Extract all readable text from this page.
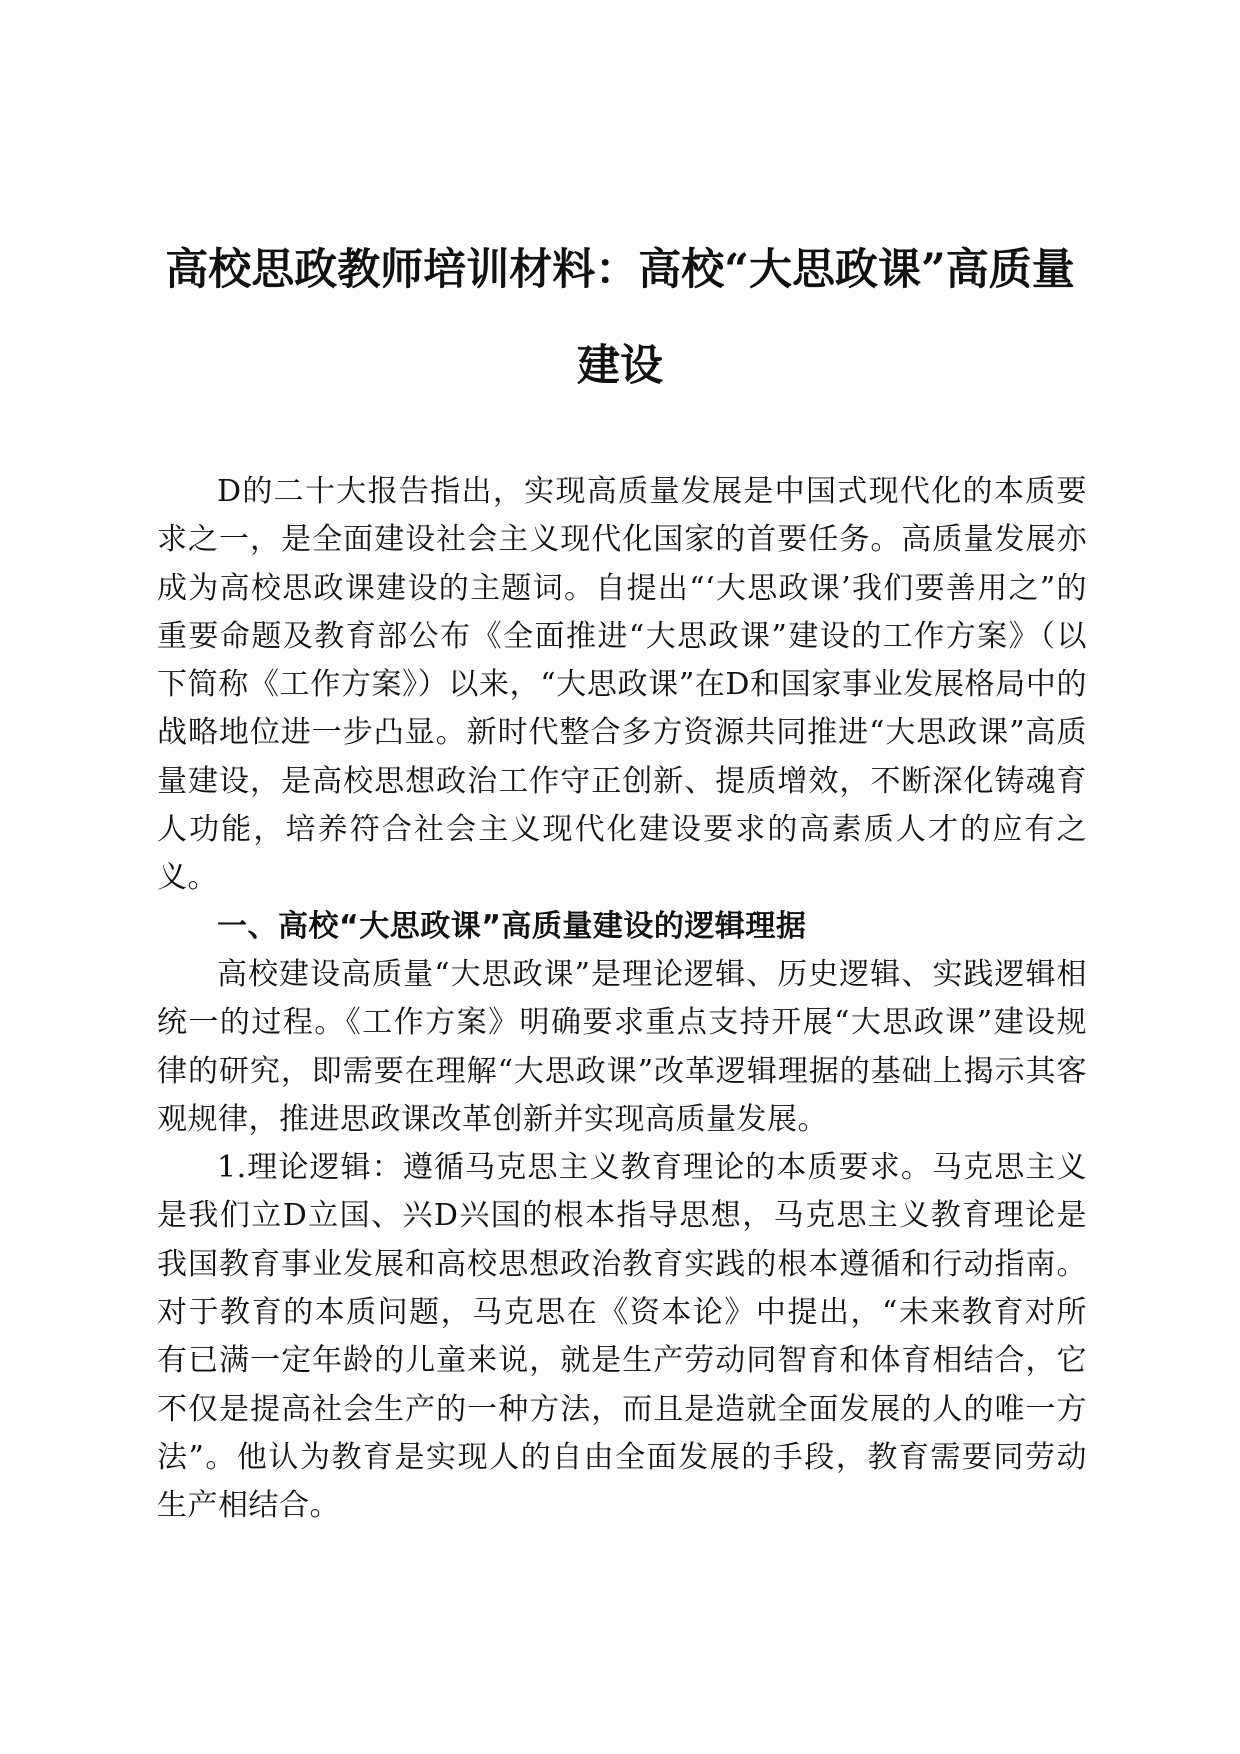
高校思政教师培训材料：高校“大思政课”高质量建设

D的二十大报告指出，实现高质量发展是中国式现代化的本质要求之一，是全面建设社会主义现代化国家的首要任务。高质量发展亦成为高校思政课建设的主题词。自提出“‘大思政课’我们要善用之”的重要命题及教育部公布《全面推进“大思政课”建设的工作方案》（以下简称《工作方案》）以来，“大思政课”在D和国家事业发展格局中的战略地位进一步凸显。新时代整合多方资源共同推进“大思政课”高质量建设，是高校思想政治工作守正创新、提质增效，不断深化铸魂育人功能，培养符合社会主义现代化建设要求的高素质人才的应有之义。

一、高校“大思政课”高质量建设的逻辑理据

高校建设高质量“大思政课”是理论逻辑、历史逻辑、实践逻辑相统一的过程。《工作方案》明确要求重点支持开展“大思政课”建设规律的研究，即需要在理解“大思政课”改革逻辑理据的基础上揭示其客观规律，推进思政课改革创新并实现高质量发展。

1.理论逻辑：遵循马克思主义教育理论的本质要求。马克思主义是我们立D立国、兴D兴国的根本指导思想，马克思主义教育理论是我国教育事业发展和高校思想政治教育实践的根本遵循和行动指南。对于教育的本质问题，马克思在《资本论》中提出，“未来教育对所有已满一定年龄的儿童来说，就是生产劳动同智育和体育相结合，它不仅是提高社会生产的一种方法，而且是造就全面发展的人的唯一方法”。他认为教育是实现人的自由全面发展的手段，教育需要同劳动生产相结合。
